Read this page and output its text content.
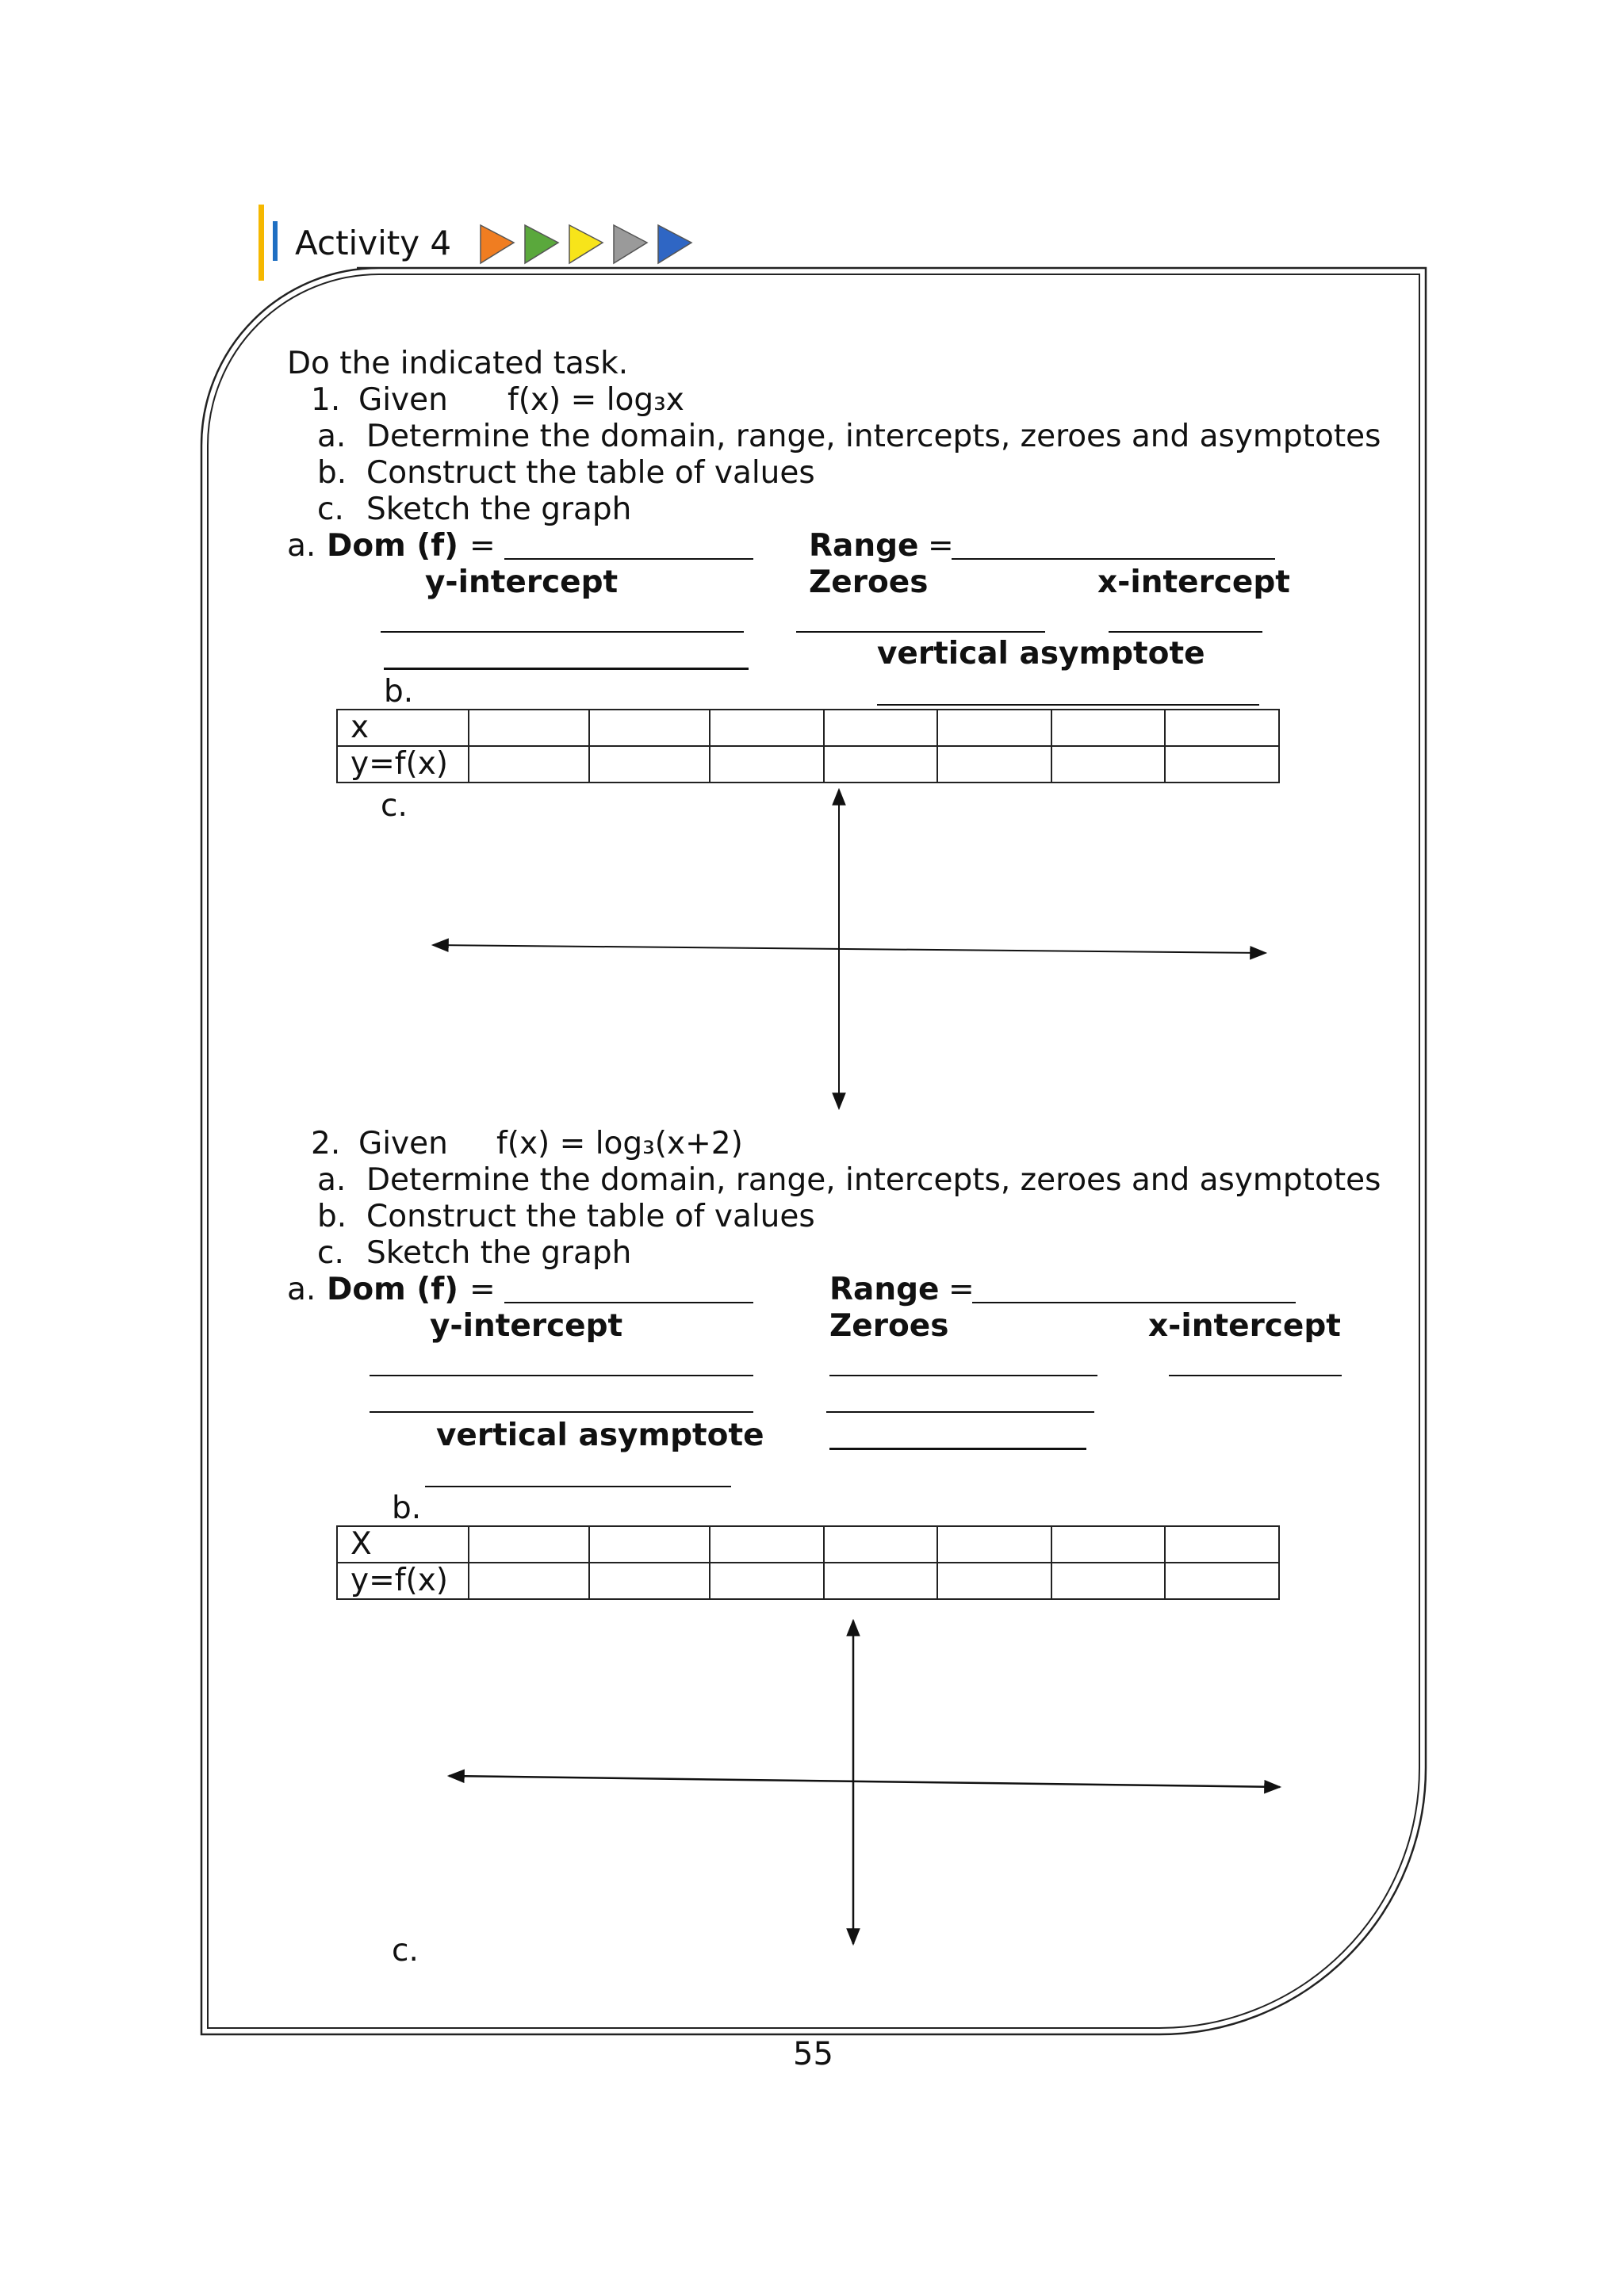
Activity 4
Do the indicated task.
1. Given f(x) = log₃x
a. Determine the domain, range, intercepts, zeroes and asymptotes
b. Construct the table of values
c. Sketch the graph
a. Dom (f) =	Range =
y-intercept	Zeroes	x-intercept
vertical asymptote
b.
x							
y=f(x)							
c.
2. Given f(x) = log₃(x+2)
a. Determine the domain, range, intercepts, zeroes and asymptotes
b. Construct the table of values
c. Sketch the graph
a. Dom (f) =	Range =
y-intercept	Zeroes	x-intercept
vertical asymptote
b.
X							
y=f(x)							
c.
55
